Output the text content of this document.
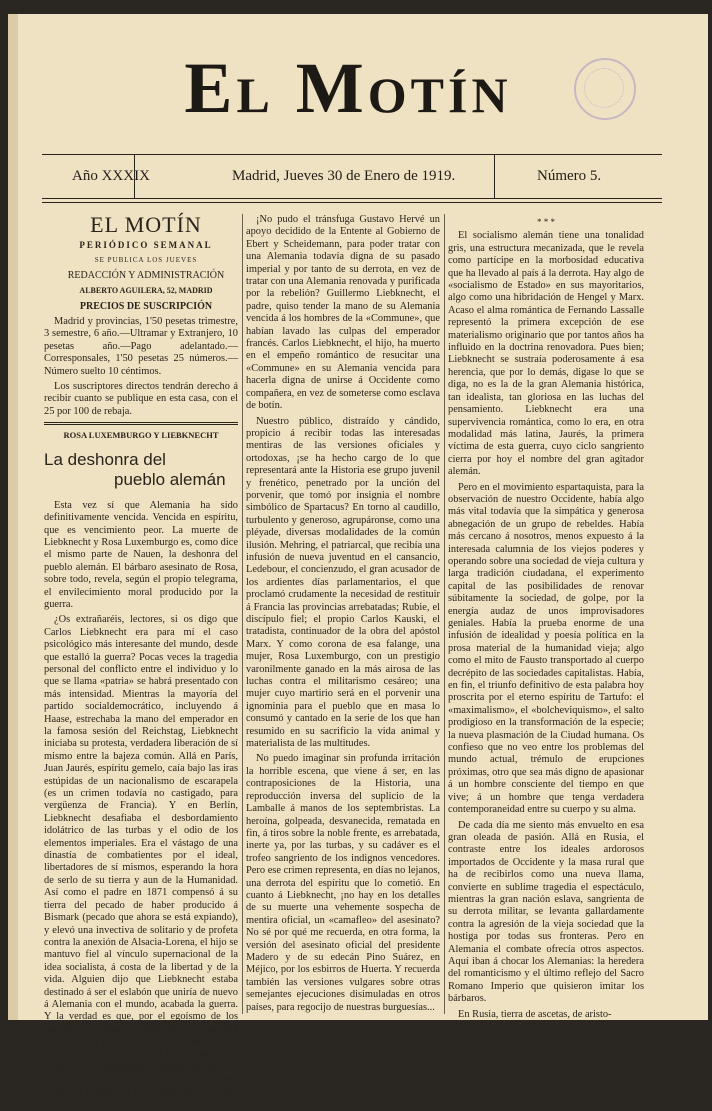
El Motín
Año XXXIX	Madrid, Jueves 30 de Enero de 1919.	Número 5.

EL MOTÍN

PERIÓDICO SEMANAL

SE PUBLICA LOS JUEVES

REDACCIÓN Y ADMINISTRACIÓN

ALBERTO AGUILERA, 52, MADRID

PRECIOS DE SUSCRIPCIÓN

Madrid y provincias, 1'50 pesetas trimestre, 3 semestre, 6 año.—Ultramar y Extranjero, 10 pesetas año.—Pago adelantado.—Corresponsales, 1'50 pesetas 25 números.—Número suelto 10 céntimos.

Los suscriptores directos tendrán derecho á recibir cuanto se publique en esta casa, con el 25 por 100 de rebaja.

ROSA LUXEMBURGO Y LIEBKNECHT
La deshonra del
pueblo alemán

Esta vez sí que Alemania ha sido definitivamente vencida. Vencida en espíritu, que es vencimiento peor. La muerte de Liebknecht y Rosa Luxemburgo es, como dice el mismo parte de Nauen, la deshonra del pueblo alemán. El bárbaro asesinato de Rosa, sobre todo, revela, según el propio telegrama, el envilecimiento moral producido por la guerra.

¿Os extrañaréis, lectores, si os digo que Carlos Liebknecht era para mí el caso psicológico más interesante del mundo, desde que estalló la guerra? Pocas veces la tragedia personal del conflicto entre el individuo y lo que se llama «patria» se habrá presentado con más intensidad. Mientras la mayoría del partido socialdemocrático, incluyendo á Haase, estrechaba la mano del emperador en la famosa sesión del Reichstag, Liebknecht iniciaba su protesta, verdadera liberación de sí mismo entre la bajeza común. Allá en París, Juan Jaurés, espíritu gemelo, caía bajo las iras estúpidas de un nacionalismo de escarapela (es un crimen todavía no castigado, para vergüenza de Francia). Y en Berlín, Liebknecht desafiaba el desbordamiento idolátrico de las turbas y el odio de los elementos imperiales. Era el vástago de una dinastía de combatientes por el ideal, libertadores de sí mismos, esperando la hora de serlo de su tierra y aun de la Humanidad. Así como el padre en 1871 compensó á su tierra del pecado de haber producido á Bismark (pecado que ahora se está expiando), y elevó una invectiva de solitario y de profeta contra la anexión de Alsacia-Lorena, el hijo se mantuvo fiel al vínculo supernacional de la idea socialista, á costa de la libertad y de la vida. Alguien dijo que Liebknecht estaba destinado á ser el eslabón que uniría de nuevo á Alemania con el mundo, acabada la guerra. Y la verdad es que, por el egoísmo de los pueblos vencedores, Liebknecht era, más allá de la guerra material, el representante de la verdadera lucha espiritual de la Alemania libre contra las exigencias desmesuradas de Occidente, exigencias dirigidas más todavía contra el peligro de la renovación social del mundo que contra la nación vencida.

¡No pudo el tránsfuga Gustavo Hervé un apoyo decidido de la Entente al Gobierno de Ebert y Scheidemann, para poder tratar con una Alemania todavía digna de su pasado imperial y por tanto de su derrota, en vez de tratar con una Alemania renovada y purificada por la rebelión? Guillermo Liebknecht, el padre, quiso tender la mano de su Alemania vencida á los hombres de la «Commune», que habían lavado las culpas del emperador francés. Carlos Liebknecht, el hijo, ha muerto en el empeño romántico de resucitar una «Commune» en su Alemania vencida para hacerla digna de unirse á Occidente como compañera, en vez de someterse como esclava de botín.

Nuestro público, distraído y cándido, propicio á recibir todas las interesadas mentiras de las versiones oficiales y ortodoxas, ¡se ha hecho cargo de lo que representará ante la Historia ese grupo juvenil y frenético, penetrado por la unción del porvenir, que tomó por insignia el nombre simbólico de Spartacus? En torno al caudillo, turbulento y generoso, agrupáronse, como una pléyade, diversas modalidades de la común ilusión. Mehring, el patriarcal, que recibía una infusión de nueva juventud en el cansancio, Ledebour, el concienzudo, el gran acusador de los ardientes días parlamentarios, el que proclamó crudamente la necesidad de restituir á Francia las provincias arrebatadas; Rubie, el discípulo fiel; el propio Carlos Kauski, el tratadista, continuador de la obra del apóstol Marx. Y como corona de esa falange, una mujer, Rosa Luxemburgo, con un prestigio varonilmente ganado en la más airosa de las luchas contra el militarismo cesáreo; una mujer cuyo martirio será en el porvenir una ignominia para el pueblo que en masa lo consumó y cantado en la serie de los que han resumido en su sacrificio la vida animal y materialista de las multitudes.

No puedo imaginar sin profunda irritación la horrible escena, que viene á ser, en las contraposiciones de la Historia, una reproducción inversa del suplicio de la Lamballe á manos de los septembristas. La heroína, golpeada, desvanecida, rematada en fin, á tiros sobre la noble frente, es arrebatada, inerte ya, por las turbas, y su cadáver es el trofeo sangriento de los indignos vencedores. Pero ese crimen representa, en días no lejanos, una derrota del espíritu que lo cometió. En cuanto á Liebknecht, ¡no hay en los detalles de su muerte una vehemente sospecha de mentira oficial, un «camafleo» del asesinato? No sé por qué me recuerda, en otra forma, la versión del asesinato oficial del presidente Madero y de su edecán Pino Suárez, en Méjico, por los esbirros de Huerta. Y recuerda también las versiones vulgares sobre otras semejantes ejecuciones disimuladas en otros países, para regocijo de nuestras burguesías...

* * *

El socialismo alemán tiene una tonalidad gris, una estructura mecanizada, que le revela como partícipe en la morbosidad educativa que ha llevado al país á la derrota. Hay algo de «socialismo de Estado» en sus mayoritarios, algo como una hibridación de Hengel y Marx. Acaso el alma romántica de Fernando Lassalle representó la primera excepción de ese materialismo originario que por tantos años ha influido en la doctrina renovadora. Pues bien; Liebknecht se sustraía poderosamente á esa herencia, que por lo demás, digase lo que se diga, no es la de la gran Alemania histórica, tan idealista, tan gloriosa en las luchas del pensamiento. Liebknecht era una supervivencia romántica, como lo era, en otra modalidad más latina, Jaurés, la primera víctima de esta guerra, cuyo ciclo sangriento cierra por hoy el nombre del gran agitador alemán.

Pero en el movimiento espartaquista, para la observación de nuestro Occidente, había algo más vital todavía que la simpática y generosa abnegación de un grupo de rebeldes. Había más cercano á nosotros, menos expuesto á la interesada calumnia de los viejos poderes y operando sobre una sociedad de vieja cultura y larga tradición ciudadana, el experimento capital de las posibilidades de renovar súbitamente la sociedad, de golpe, por la energía audaz de unos improvisadores geniales. Había la prueba enorme de una infusión de idealidad y poesía política en la prosa material de la humanidad vieja; algo como el mito de Fausto transportado al cuerpo decrépito de las sociedades capitalistas. Había, en fin, el triunfo definitivo de esta palabra hoy proscrita por el eterno espíritu de Tartufo: el «maximalismo», el «bolcheviquismo», el salto prodigioso en la transformación de la especie; la nueva plasmación de la Ciudad humana. Os confieso que no veo entre los problemas del mundo actual, trémulo de erupciones próximas, otro que sea más digno de apasionar á un hombre consciente del tiempo en que vive; á un hombre que tenga verdadera contemporaneidad entre su cuerpo y su alma.

De cada día me siento más envuelto en esa gran oleada de pasión. Allá en Rusia, el contraste entre los ideales ardorosos importados de Occidente y la masa rural que ha de recibirlos como una nueva llama, convierte en sublime tragedia el espectáculo, mientras la gran nación eslava, sangrienta de su derrota militar, se levanta gallardamente contra la agresión de la vieja sociedad que la hostiga por todas sus fronteras. Pero en Alemania el combate ofrecía otros aspectos. Aquí iban á chocar los Alemanias: la heredera del romanticismo y el último reflejo del Sacro Romano Imperio que quisieron imitar los bárbaros.

En Rusia, tierra de ascetas, de aristo-
